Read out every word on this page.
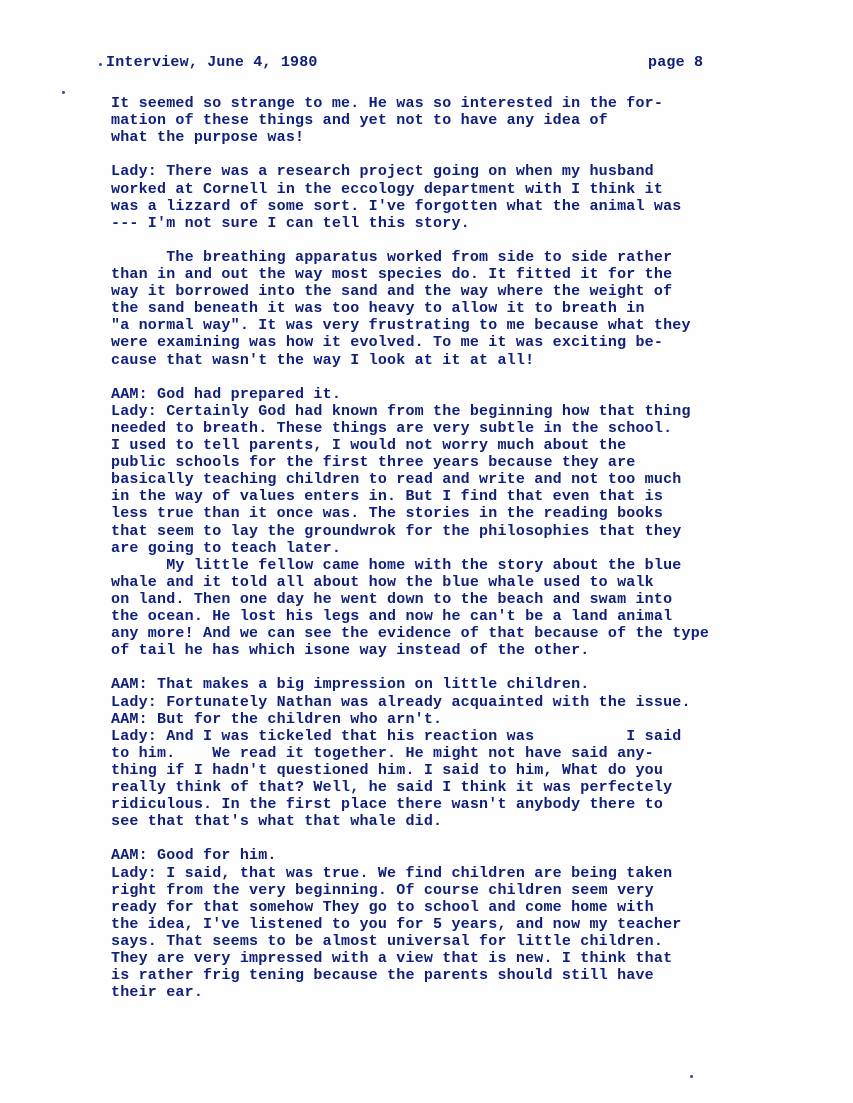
Interview, June 4, 1980	page 8
It seemed so strange to me. He was so interested in the for-
mation of these things and yet not to have any idea of
what the purpose was!
Lady: There was a research project going on when my husband
worked at Cornell in the eccology department with I think it
was a lizzard of some sort. I've forgotten what the animal was
--- I'm not sure I can tell this story.
The breathing apparatus worked from side to side rather
than in and out the way most species do. It fitted it for the
way it borrowed into the sand and the way where the weight of
the sand beneath it was too heavy to allow it to breath in
"a normal way". It was very frustrating to me because what they
were examining was how it evolved. To me it was exciting be-
cause that wasn't the way I look at it at all!
AAM: God had prepared it.
Lady: Certainly God had known from the beginning how that thing
needed to breath. These things are very subtle in the school.
I used to tell parents, I would not worry much about the
public schools for the first three years because they are
basically teaching children to read and write and not too much
in the way of values enters in. But I find that even that is
less true than it once was. The stories in the reading books
that seem to lay the groundwrok for the philosophies that they
are going to teach later.
My little fellow came home with the story about the blue
whale and it told all about how the blue whale used to walk
on land. Then one day he went down to the beach and swam into
the ocean. He lost his legs and now he can't be a land animal
any more! And we can see the evidence of that because of the type
of tail he has which isone way instead of the other.
AAM: That makes a big impression on little children.
Lady: Fortunately Nathan was already acquainted with the issue.
AAM: But for the children who arn't.
Lady: And I was tickeled that his reaction was          I said
to him.    We read it together. He might not have said any-
thing if I hadn't questioned him. I said to him, What do you
really think of that? Well, he said I think it was perfectely
ridiculous. In the first place there wasn't anybody there to
see that that's what that whale did.
AAM: Good for him.
Lady: I said, that was true. We find children are being taken
right from the very beginning. Of course children seem very
ready for that somehow They go to school and come home with
the idea, I've listened to you for 5 years, and now my teacher
says. That seems to be almost universal for little children.
They are very impressed with a view that is new. I think that
is rather frig tening because the parents should still have
their ear.
